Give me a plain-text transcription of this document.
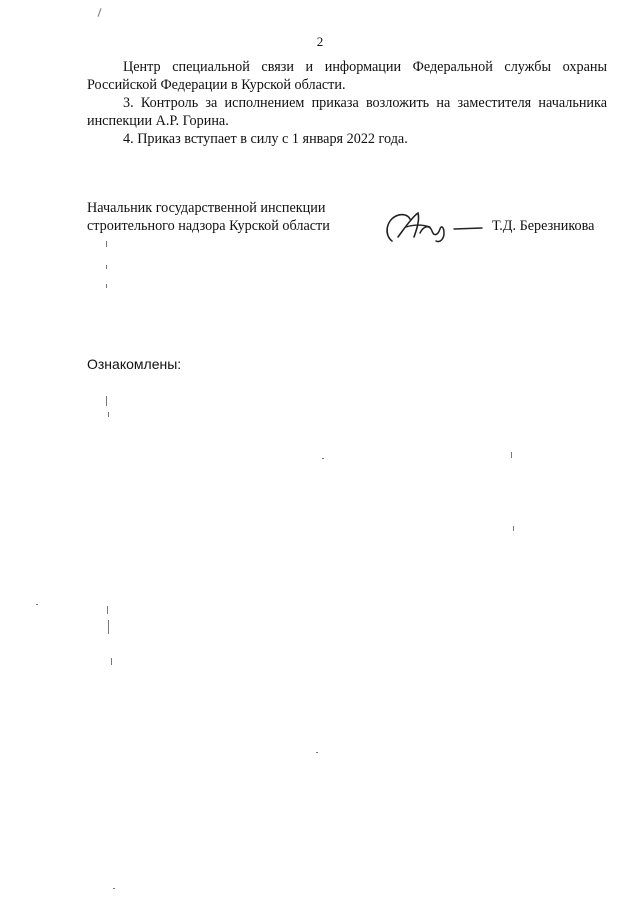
2
Центр специальной связи и информации Федеральной службы охраны Российской Федерации в Курской области.
3. Контроль за исполнением приказа возложить на заместителя начальника инспекции А.Р. Горина.
4. Приказ вступает в силу с 1 января 2022 года.
Начальник государственной инспекции
строительного надзора Курской области	Т.Д. Березникова
Ознакомлены:
